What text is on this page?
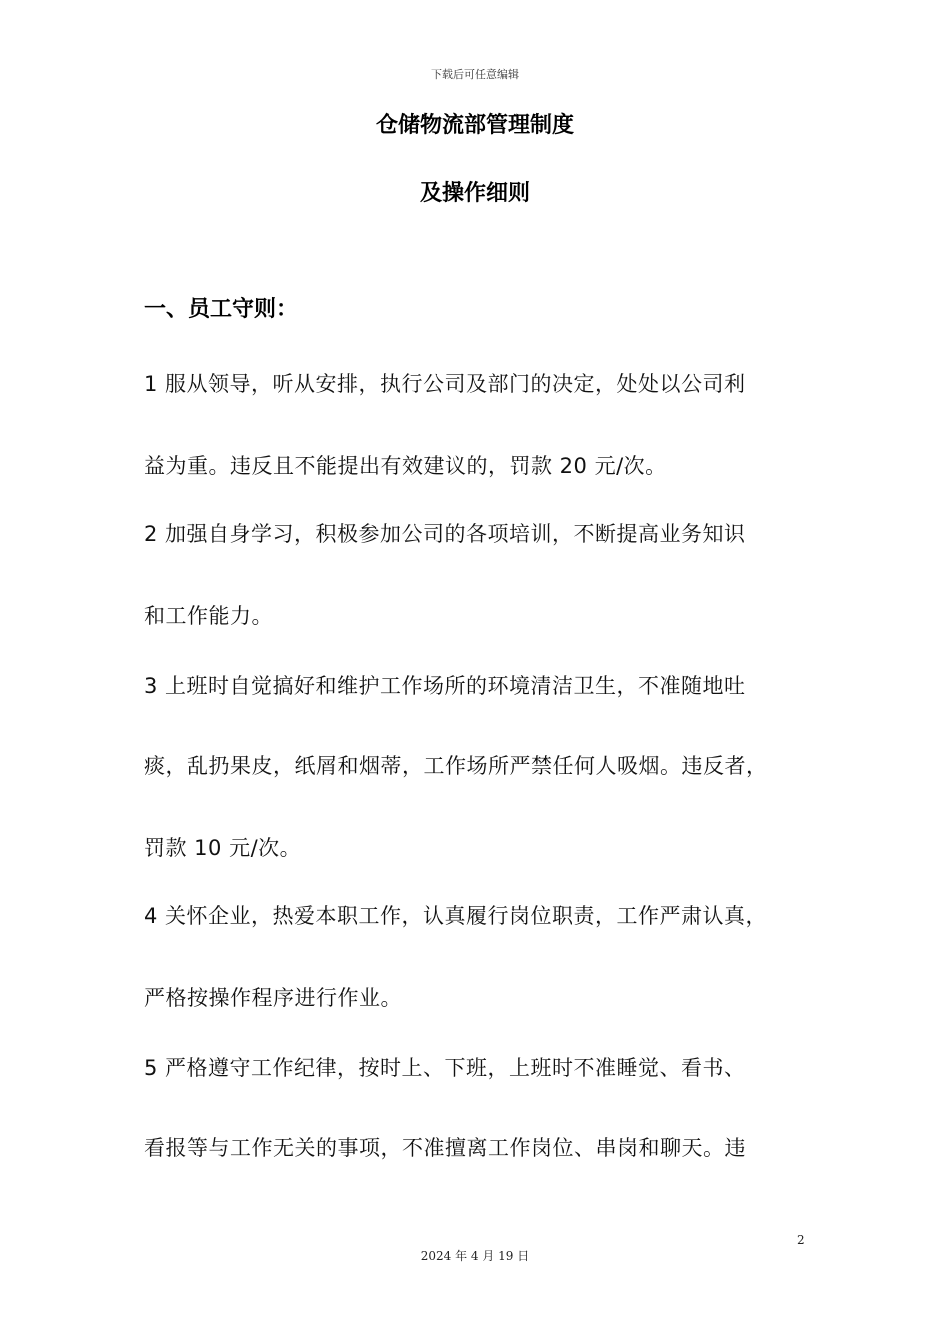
下载后可任意编辑
仓储物流部管理制度
及操作细则
一、员工守则：
1 服从领导，听从安排，执行公司及部门的决定，处处以公司利
益为重。违反且不能提出有效建议的，罚款 20 元/次。
2 加强自身学习，积极参加公司的各项培训，不断提高业务知识
和工作能力。
3 上班时自觉搞好和维护工作场所的环境清洁卫生，不准随地吐
痰，乱扔果皮，纸屑和烟蒂，工作场所严禁任何人吸烟。违反者，
罚款 10 元/次。
4 关怀企业，热爱本职工作，认真履行岗位职责，工作严肃认真，
严格按操作程序进行作业。
5 严格遵守工作纪律，按时上、下班，上班时不准睡觉、看书、
看报等与工作无关的事项，不准擅离工作岗位、串岗和聊天。违
2
2024 年 4 月 19 日
